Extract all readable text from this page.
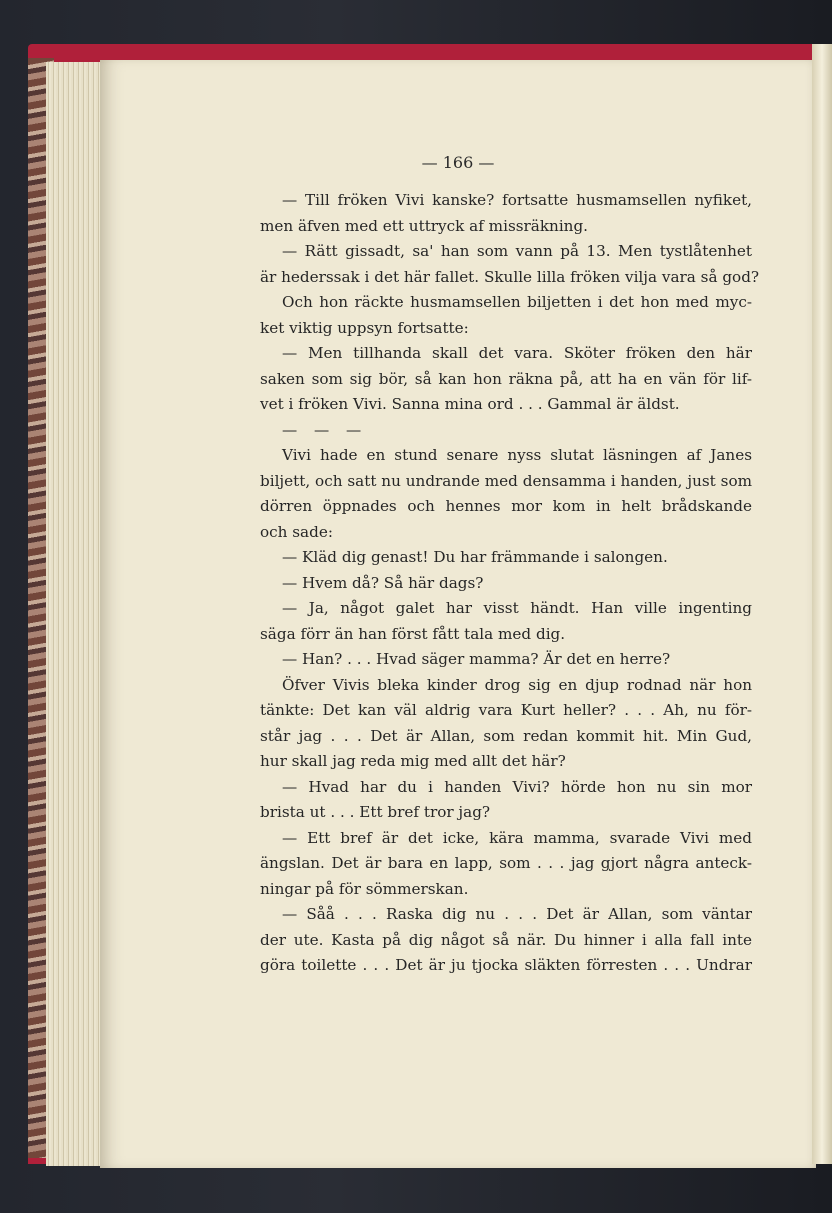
— 166 —
— Till fröken Vivi kanske? fortsatte husmamsellen nyfiket,
men äfven med ett uttryck af missräkning.
— Rätt gissadt, sa' han som vann på 13. Men tystlåtenhet
är hederssak i det här fallet. Skulle lilla fröken vilja vara så god?
Och hon räckte husmamsellen biljetten i det hon med myc-
ket viktig uppsyn fortsatte:
— Men tillhanda skall det vara. Sköter fröken den här
saken som sig bör, så kan hon räkna på, att ha en vän för lif-
vet i fröken Vivi. Sanna mina ord . . . Gammal är äldst.
— — —
Vivi hade en stund senare nyss slutat läsningen af Janes
biljett, och satt nu undrande med densamma i handen, just som
dörren öppnades och hennes mor kom in helt brådskande
och sade:
— Kläd dig genast! Du har främmande i salongen.
— Hvem då? Så här dags?
— Ja, något galet har visst händt. Han ville ingenting
säga förr än han först fått tala med dig.
— Han? . . . Hvad säger mamma? Är det en herre?
Öfver Vivis bleka kinder drog sig en djup rodnad när hon
tänkte: Det kan väl aldrig vara Kurt heller? . . . Ah, nu för-
står jag . . . Det är Allan, som redan kommit hit. Min Gud,
hur skall jag reda mig med allt det här?
— Hvad har du i handen Vivi? hörde hon nu sin mor
brista ut . . . Ett bref tror jag?
— Ett bref är det icke, kära mamma, svarade Vivi med
ängslan. Det är bara en lapp, som . . . jag gjort några anteck-
ningar på för sömmerskan.
— Såå . . . Raska dig nu . . . Det är Allan, som väntar
der ute. Kasta på dig något så när. Du hinner i alla fall inte
göra toilette . . . Det är ju tjocka släkten förresten . . . Undrar
